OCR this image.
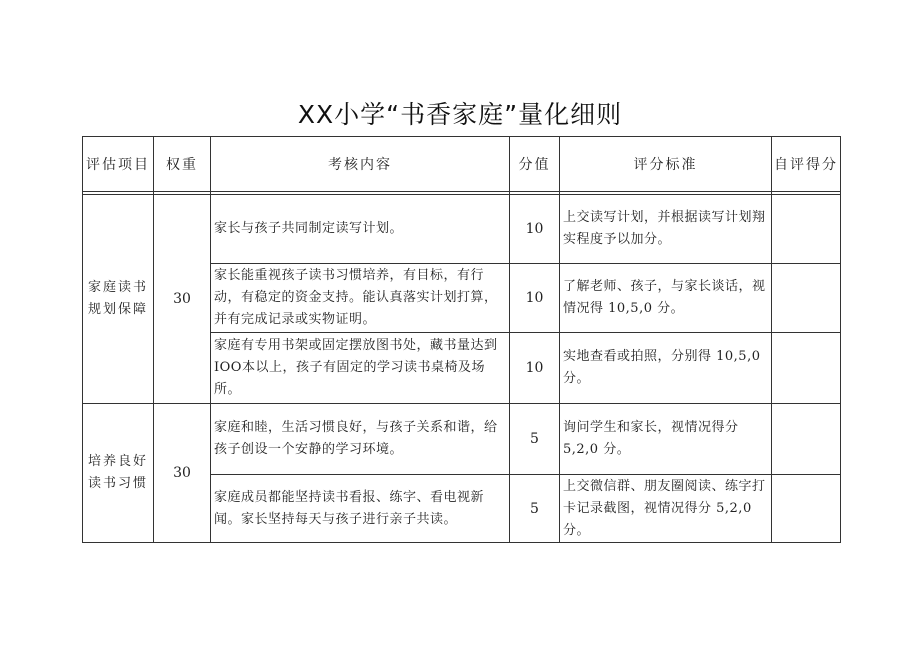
XX小学“书香家庭”量化细则
评估项目	权重	考核内容	分值	评分标准	自评得分

家庭读书规划保障	30	家长与孩子共同制定读写计划。	10	上交读写计划，并根据读写计划翔实程度予以加分。	
		家长能重视孩子读书习惯培养，有目标，有行动，有稳定的资金支持。能认真落实计划打算，并有完成记录或实物证明。	10	了解老师、孩子，与家长谈话，视情况得 10,5,0 分。	
		家庭有专用书架或固定摆放图书处，藏书量达到IOO本以上，孩子有固定的学习读书桌椅及场所。	10	实地查看或拍照，分别得 10,5,0 分。	
培养良好读书习惯	30	家庭和睦，生活习惯良好，与孩子关系和谐，给孩子创设一个安静的学习环境。	5	询问学生和家长，视情况得分 5,2,0 分。	
		家庭成员都能坚持读书看报、练字、看电视新闻。家长坚持每天与孩子进行亲子共读。	5	上交微信群、朋友圈阅读、练字打卡记录截图，视情况得分 5,2,0 分。	
